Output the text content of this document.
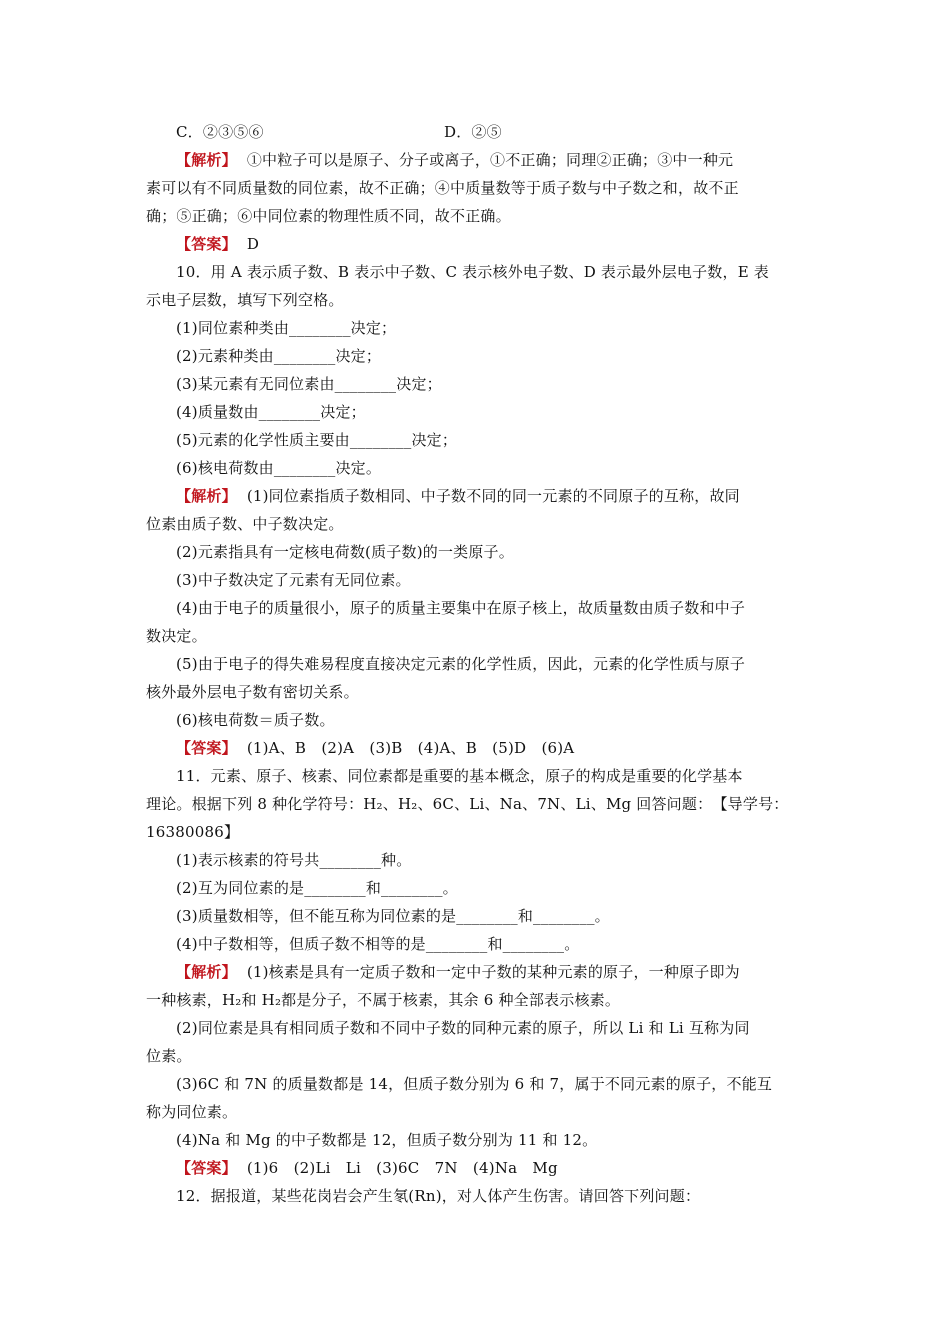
C．②③⑤⑥	D．②⑤
【解析】 ①中粒子可以是原子、分子或离子，①不正确；同理②正确；③中一种元
素可以有不同质量数的同位素，故不正确；④中质量数等于质子数与中子数之和，故不正
确；⑤正确；⑥中同位素的物理性质不同，故不正确。
【答案】 D
10．用 A 表示质子数、B 表示中子数、C 表示核外电子数、D 表示最外层电子数，E 表
示电子层数，填写下列空格。
(1)同位素种类由________决定；
(2)元素种类由________决定；
(3)某元素有无同位素由________决定；
(4)质量数由________决定；
(5)元素的化学性质主要由________决定；
(6)核电荷数由________决定。
【解析】 (1)同位素指质子数相同、中子数不同的同一元素的不同原子的互称，故同
位素由质子数、中子数决定。
(2)元素指具有一定核电荷数(质子数)的一类原子。
(3)中子数决定了元素有无同位素。
(4)由于电子的质量很小，原子的质量主要集中在原子核上，故质量数由质子数和中子
数决定。
(5)由于电子的得失难易程度直接决定元素的化学性质，因此，元素的化学性质与原子
核外最外层电子数有密切关系。
(6)核电荷数＝质子数。
【答案】 (1)A、B　(2)A　(3)B　(4)A、B　(5)D　(6)A
11．元素、原子、核素、同位素都是重要的基本概念，原子的构成是重要的化学基本
理论。根据下列 8 种化学符号：H₂、H₂、6C、Li、Na、7N、Li、Mg 回答问题：　【导学号：
16380086】
(1)表示核素的符号共________种。
(2)互为同位素的是________和________。
(3)质量数相等，但不能互称为同位素的是________和________。
(4)中子数相等，但质子数不相等的是________和________。
【解析】 (1)核素是具有一定质子数和一定中子数的某种元素的原子，一种原子即为
一种核素，H₂和 H₂都是分子，不属于核素，其余 6 种全部表示核素。
(2)同位素是具有相同质子数和不同中子数的同种元素的原子，所以 Li 和 Li 互称为同
位素。
(3)6C 和 7N 的质量数都是 14，但质子数分别为 6 和 7，属于不同元素的原子，不能互
称为同位素。
(4)Na 和 Mg 的中子数都是 12，但质子数分别为 11 和 12。
【答案】 (1)6　(2)Li　Li　(3)6C　7N　(4)Na　Mg
12．据报道，某些花岗岩会产生氡(Rn)，对人体产生伤害。请回答下列问题：
